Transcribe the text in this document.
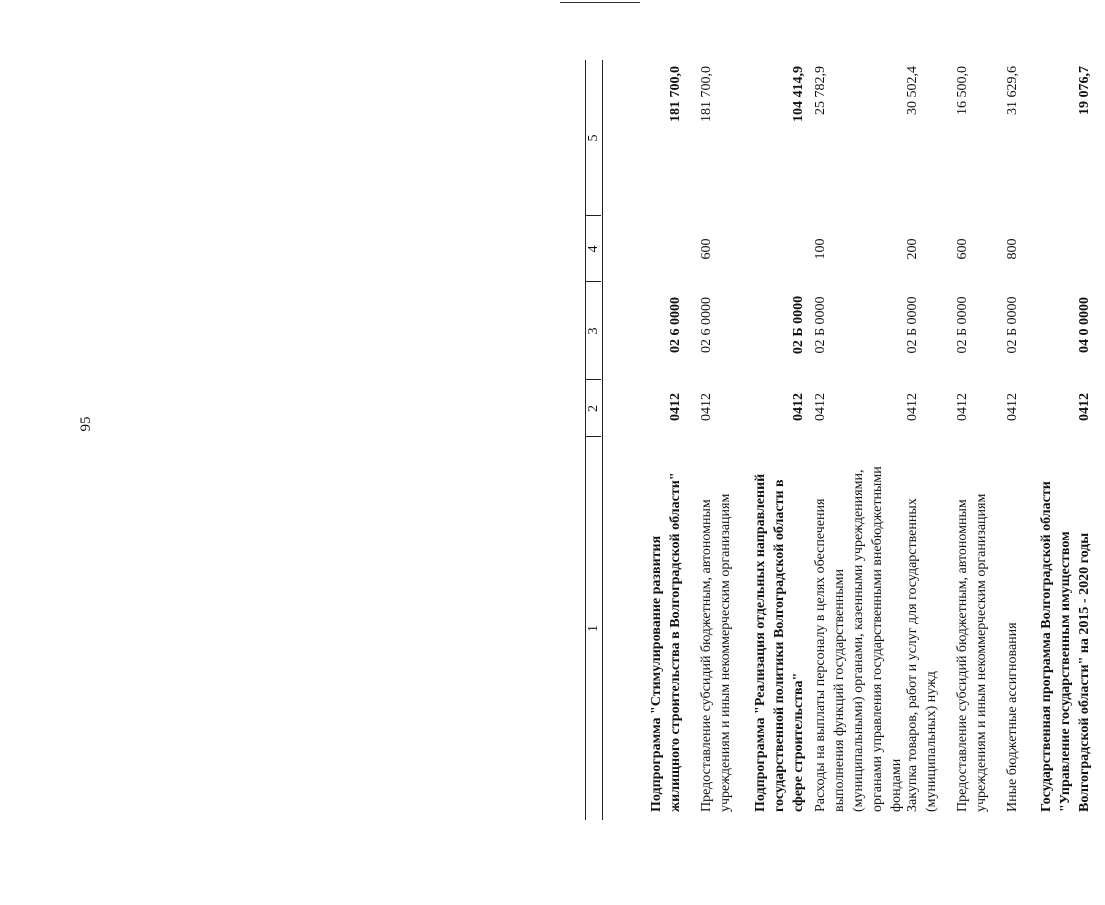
95
1
2
3
4
5
Подпрограмма "Стимулирование развития жилищного строительства в Волгоградской области"
0412
02 6 0000
181 700,0
Предоставление субсидий бюджетным, автономным учреждениям и иным некоммерческим организациям
0412
02 6 0000
600
181 700,0
Подпрограмма "Реализация отдельных направлений государственной политики Волгоградской области в сфере строительства"
0412
02 Б 0000
104 414,9
Расходы на выплаты персоналу в целях обеспечения выполнения функций государственными (муниципальными) органами, казенными учреждениями, органами управления государственными внебюджетными фондами
0412
02 Б 0000
100
25 782,9
Закупка товаров, работ и услуг для государственных (муниципальных) нужд
0412
02 Б 0000
200
30 502,4
Предоставление субсидий бюджетным, автономным учреждениям и иным некоммерческим организациям
0412
02 Б 0000
600
16 500,0
Иные бюджетные ассигнования
0412
02 Б 0000
800
31 629,6
Государственная программа Волгоградской области "Управление государственным имуществом Волгоградской области" на 2015 - 2020 годы
0412
04 0 0000
19 076,7
